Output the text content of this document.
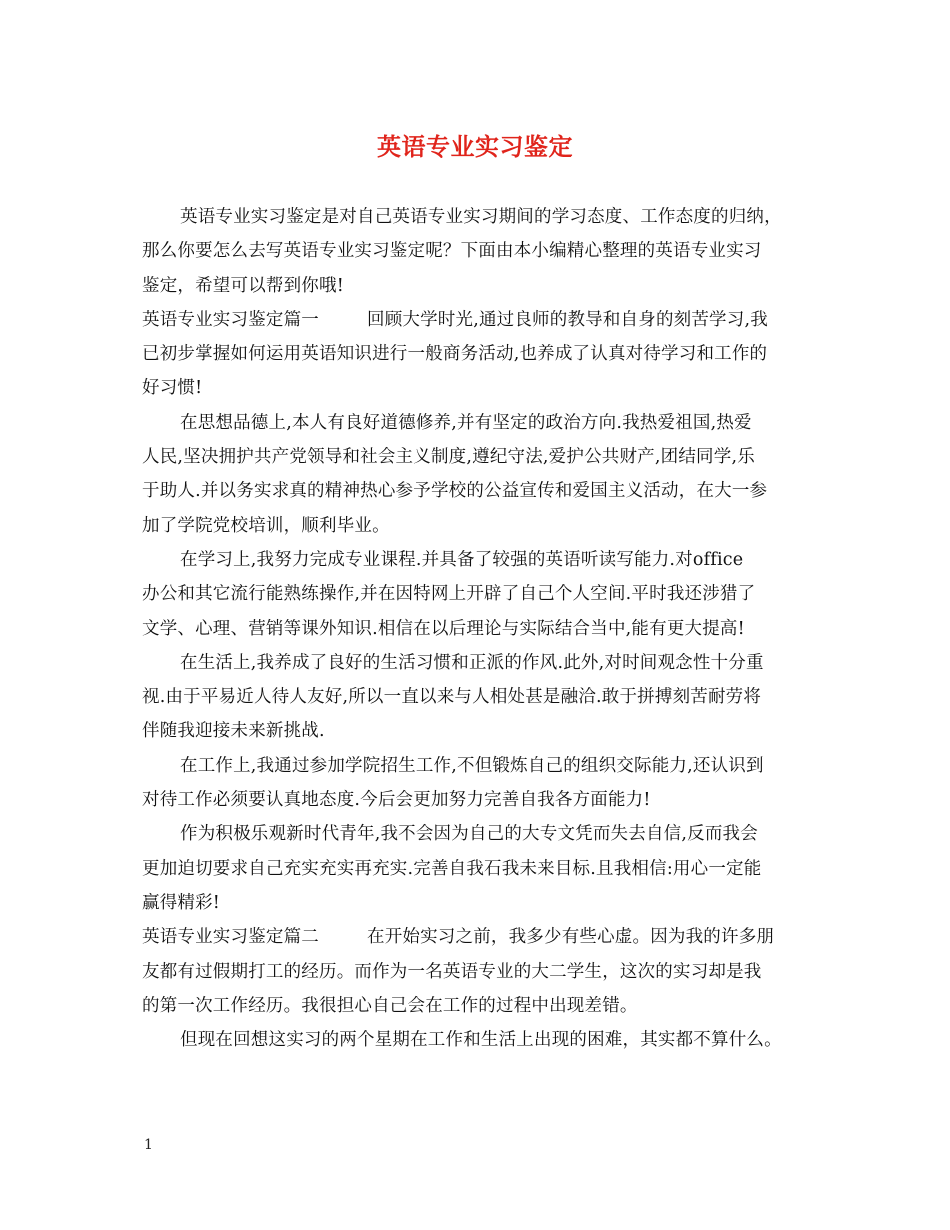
英语专业实习鉴定
英语专业实习鉴定是对自己英语专业实习期间的学习态度、工作态度的归纳，
那么你要怎么去写英语专业实习鉴定呢？下面由本小编精心整理的英语专业实习
鉴定，希望可以帮到你哦!
英语专业实习鉴定篇一	回顾大学时光,通过良师的教导和自身的刻苦学习,我
已初步掌握如何运用英语知识进行一般商务活动,也养成了认真对待学习和工作的
好习惯!
在思想品德上,本人有良好道德修养,并有坚定的政治方向.我热爱祖国,热爱
人民,坚决拥护共产党领导和社会主义制度,遵纪守法,爱护公共财产,团结同学,乐
于助人.并以务实求真的精神热心参予学校的公益宣传和爱国主义活动，在大一参
加了学院党校培训，顺利毕业。
在学习上,我努力完成专业课程.并具备了较强的英语听读写能力.对office
办公和其它流行能熟练操作,并在因特网上开辟了自己个人空间.平时我还涉猎了
文学、心理、营销等课外知识.相信在以后理论与实际结合当中,能有更大提高!
在生活上,我养成了良好的生活习惯和正派的作风.此外,对时间观念性十分重
视.由于平易近人待人友好,所以一直以来与人相处甚是融洽.敢于拼搏刻苦耐劳将
伴随我迎接未来新挑战.
在工作上,我通过参加学院招生工作,不但锻炼自己的组织交际能力,还认识到
对待工作必须要认真地态度.今后会更加努力完善自我各方面能力!
作为积极乐观新时代青年,我不会因为自己的大专文凭而失去自信,反而我会
更加迫切要求自己充实充实再充实.完善自我石我未来目标.且我相信:用心一定能
赢得精彩!
英语专业实习鉴定篇二	在开始实习之前，我多少有些心虚。因为我的许多朋
友都有过假期打工的经历。而作为一名英语专业的大二学生，这次的实习却是我
的第一次工作经历。我很担心自己会在工作的过程中出现差错。
但现在回想这实习的两个星期在工作和生活上出现的困难，其实都不算什么。
1
